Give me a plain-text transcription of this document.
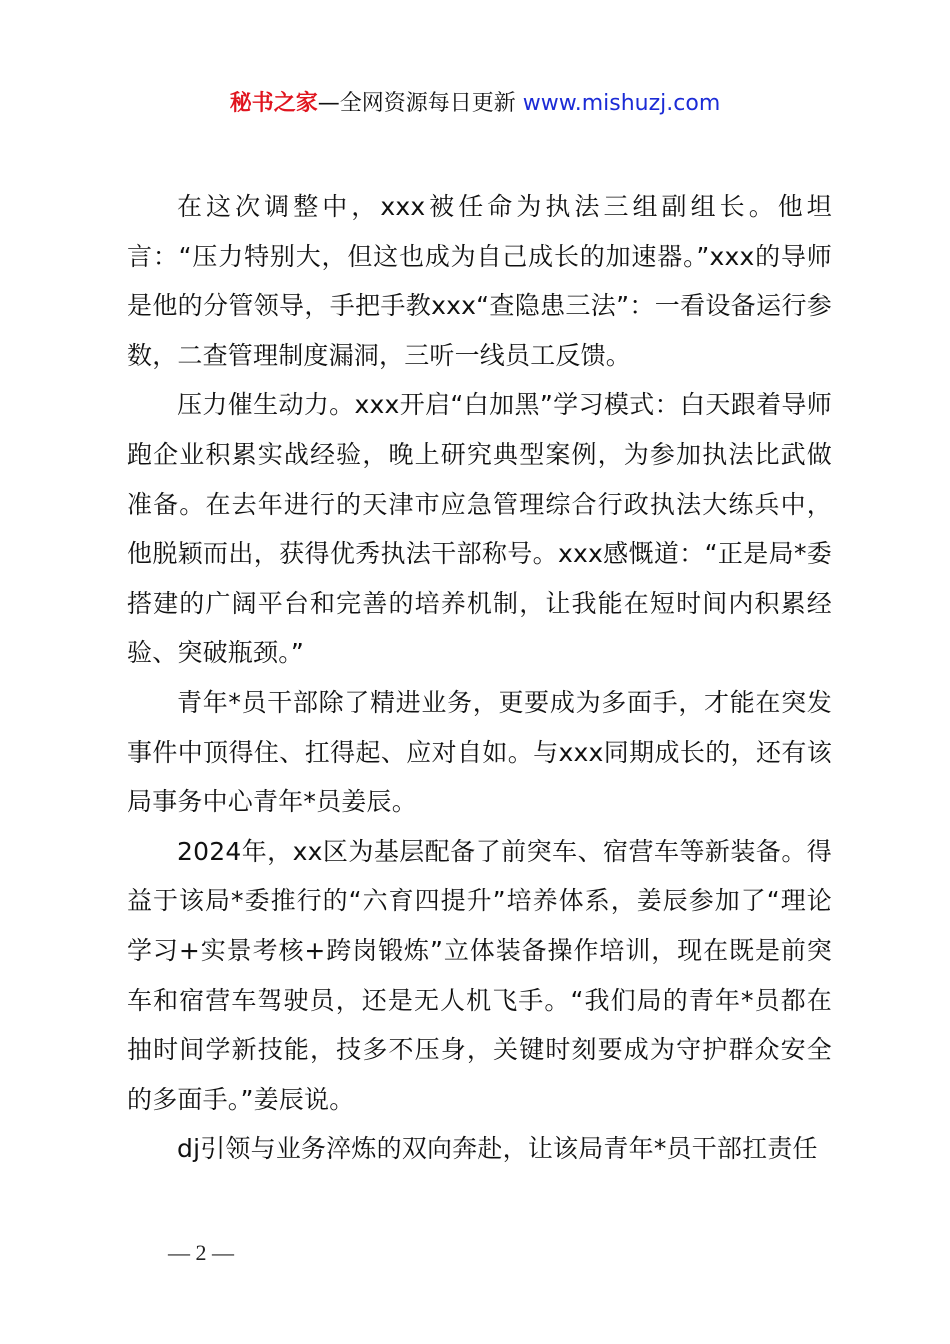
秘书之家—全网资源每日更新 www.mishuzj.com

在这次调整中，xxx被任命为执法三组副组长。他坦言：“压力特别大，但这也成为自己成长的加速器。”xxx的导师是他的分管领导，手把手教xxx“查隐患三法”：一看设备运行参数，二查管理制度漏洞，三听一线员工反馈。

压力催生动力。xxx开启“白加黑”学习模式：白天跟着导师跑企业积累实战经验，晚上研究典型案例，为参加执法比武做准备。在去年进行的天津市应急管理综合行政执法大练兵中，他脱颖而出，获得优秀执法干部称号。xxx感慨道：“正是局*委搭建的广阔平台和完善的培养机制，让我能在短时间内积累经验、突破瓶颈。”

青年*员干部除了精进业务，更要成为多面手，才能在突发事件中顶得住、扛得起、应对自如。与xxx同期成长的，还有该局事务中心青年*员姜辰。

2024年，xx区为基层配备了前突车、宿营车等新装备。得益于该局*委推行的“六育四提升”培养体系，姜辰参加了“理论学习+实景考核+跨岗锻炼”立体装备操作培训，现在既是前突车和宿营车驾驶员，还是无人机飞手。“我们局的青年*员都在抽时间学新技能，技多不压身，关键时刻要成为守护群众安全的多面手。”姜辰说。

dj引领与业务淬炼的双向奔赴，让该局青年*员干部扛责任

— 2 —
